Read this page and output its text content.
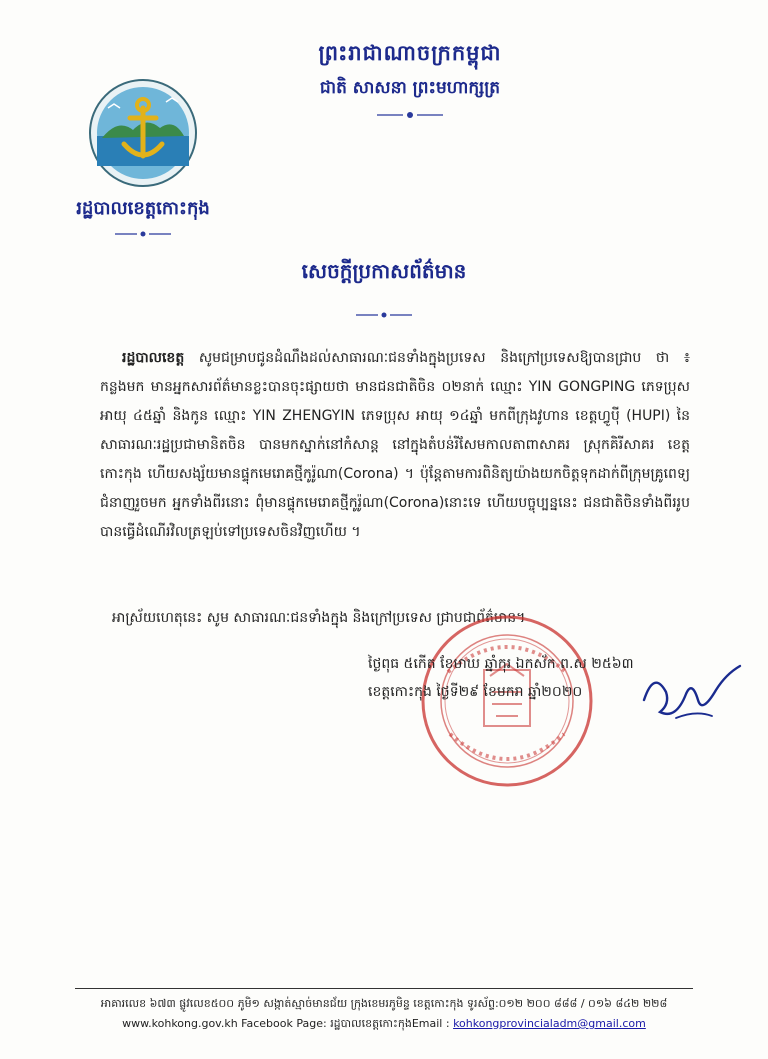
ព្រះរាជាណាចក្រកម្ពុជា
ជាតិ សាសនា ព្រះមហាក្សត្រ
រដ្ឋបាលខេត្តកោះកុង
សេចក្ដីប្រកាសព័ត៌មាន

រដ្ឋបាលខេត្ត សូមជម្រាបជូនដំណឹងដល់សាធារណៈជនទាំងក្នុងប្រទេស និងក្រៅប្រទេសឱ្យបានជ្រាប ថា ៖ កន្លងមក មានអ្នកសារព័ត៌មានខ្លះបានចុះផ្សាយថា មានជនជាតិចិន ០២នាក់ ឈ្មោះ YIN GONGPING ភេទប្រុស អាយុ ៤៥ឆ្នាំ និងកូន ឈ្មោះ YIN ZHENGYIN ភេទប្រុស អាយុ ១៤ឆ្នាំ មកពីក្រុងវូហាន ខេត្តហ្វូប៉ី (HUPI) នៃសាធារណៈរដ្ឋប្រជាមានិតចិន បានមកស្នាក់នៅកំសាន្ត នៅក្នុងតំបន់រីសែមកាលតាពាសាគរ ស្រុកគិរីសាគរ ខេត្តកោះកុង ហើយសង្ស័យមានផ្ទុកមេរោគថ្មីកូរ៉ូណា(Corona) ។ ប៉ុន្តែតាមការពិនិត្យយ៉ាងយកចិត្តទុកដាក់ពីក្រុមគ្រូពេទ្យជំនាញរួចមក អ្នកទាំងពីរនោះ ពុំមានផ្ទុកមេរោគថ្មីកូរ៉ូណា(Corona)នោះទេ ហើយបច្ចុប្បន្ននេះ ជនជាតិចិនទាំងពីររូបបានធ្វើដំណើរវិលត្រឡប់ទៅប្រទេសចិនវិញហើយ ។

អាស្រ័យហេតុនេះ សូម សាធារណៈជនទាំងក្នុង និងក្រៅប្រទេស ជ្រាបជាព័ត៌មាន។
ថ្ងៃពុធ ៥កើត ខែមាឃ ឆ្នាំកុរ ឯកស័ក ព.ស ២៥៦៣
ខេត្តកោះកុង ថ្ងៃទី២៩ ខែមករា ឆ្នាំ២០២០
អាគារលេខ ៦៧៣ ផ្លូវលេខ៥០០ ភូមិ១ សង្កាត់ស្មាច់មានជ័យ ក្រុងខេមរភូមិន្ទ ខេត្តកោះកុង ទូរស័ព្ទ:០១២ ២០០ ៨៨៨ / ០១៦ ៨៤២ ២២៨
www.kohkong.gov.kh Facebook Page: រដ្ឋបាលខេត្តកោះកុងEmail : kohkongprovincialadm@gmail.com
